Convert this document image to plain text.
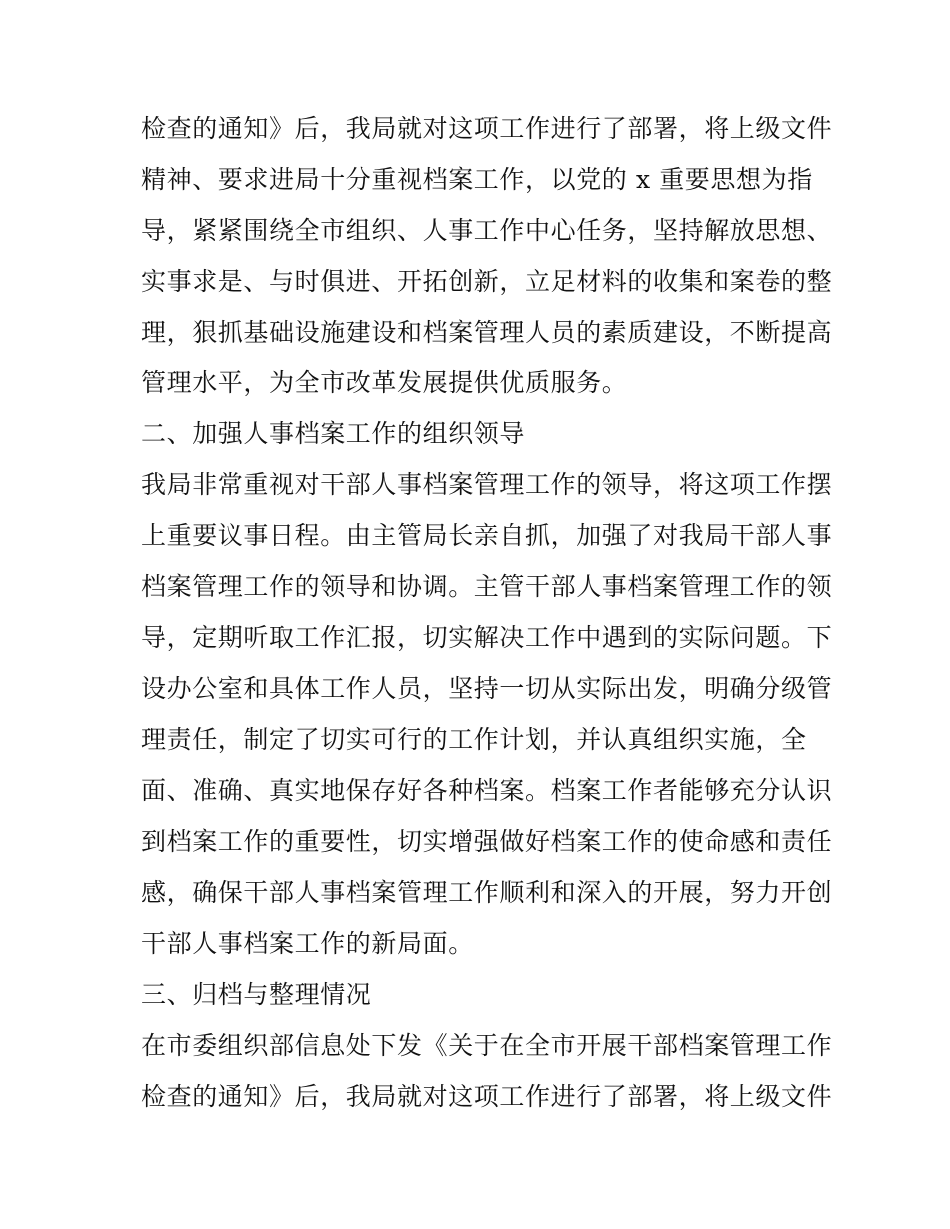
检查的通知》后，我局就对这项工作进行了部署，将上级文件
精神、要求进局十分重视档案工作，以党的 x 重要思想为指
导，紧紧围绕全市组织、人事工作中心任务，坚持解放思想、
实事求是、与时俱进、开拓创新，立足材料的收集和案卷的整
理，狠抓基础设施建设和档案管理人员的素质建设，不断提高
管理水平，为全市改革发展提供优质服务。
二、加强人事档案工作的组织领导
我局非常重视对干部人事档案管理工作的领导，将这项工作摆
上重要议事日程。由主管局长亲自抓，加强了对我局干部人事
档案管理工作的领导和协调。主管干部人事档案管理工作的领
导，定期听取工作汇报，切实解决工作中遇到的实际问题。下
设办公室和具体工作人员，坚持一切从实际出发，明确分级管
理责任，制定了切实可行的工作计划，并认真组织实施，全
面、准确、真实地保存好各种档案。档案工作者能够充分认识
到档案工作的重要性，切实增强做好档案工作的使命感和责任
感，确保干部人事档案管理工作顺利和深入的开展，努力开创
干部人事档案工作的新局面。
三、归档与整理情况
在市委组织部信息处下发《关于在全市开展干部档案管理工作
检查的通知》后，我局就对这项工作进行了部署，将上级文件
